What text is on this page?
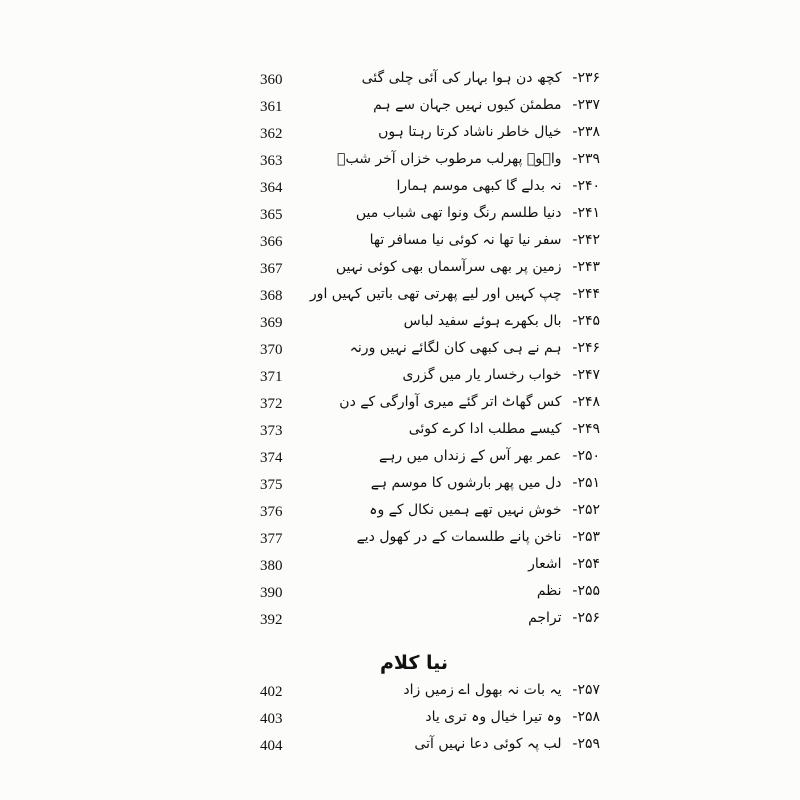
360	۲۳۶- کچھ دن ہوا بہار کی آئی چلی گئی
361	۲۳۷- مطمئن کیوں نہیں جہان سے ہم
362	۲۳۸- خیال خاطر ناشاد کرتا رہتا ہوں
363	۲۳۹- واہوے پھرلب مرطوب خزاں آخر شبؒ
364	۲۴۰- نہ بدلے گا کبھی موسم ہمارا
365	۲۴۱- دنیا طلسم رنگ ونوا تھی شباب میں
366	۲۴۲- سفر نیا تھا نہ کوئی نیا مسافر تھا
367	۲۴۳- زمین پر بھی سرآسماں بھی کوئی نہیں
368	۲۴۴- چپ کہیں اور لیے پھرتی تھی باتیں کہیں اور
369	۲۴۵- بال بکھرے ہوئے سفید لباس
370	۲۴۶- ہم نے ہی کبھی کان لگائے نہیں ورنہ
371	۲۴۷- خواب رخسار یار میں گزری
372	۲۴۸- کس گھاٹ اتر گئے میری آوارگی کے دن
373	۲۴۹- کیسے مطلب ادا کرے کوئی
374	۲۵۰- عمر بھر آس کے زنداں میں رہے
375	۲۵۱- دل میں پھر بارشوں کا موسم ہے
376	۲۵۲- خوش نہیں تھے ہمیں نکال کے وہ
377	۲۵۳- ناخن پانے طلسمات کے در کھول دیے
380	۲۵۴- اشعار
390	۲۵۵- نظم
392	۲۵۶- تراجم
نیا کلام
402	۲۵۷- یہ بات نہ بھول اے زمیں زاد
403	۲۵۸- وہ تیرا خیال وہ تری یاد
404	۲۵۹- لب پہ کوئی دعا نہیں آتی
